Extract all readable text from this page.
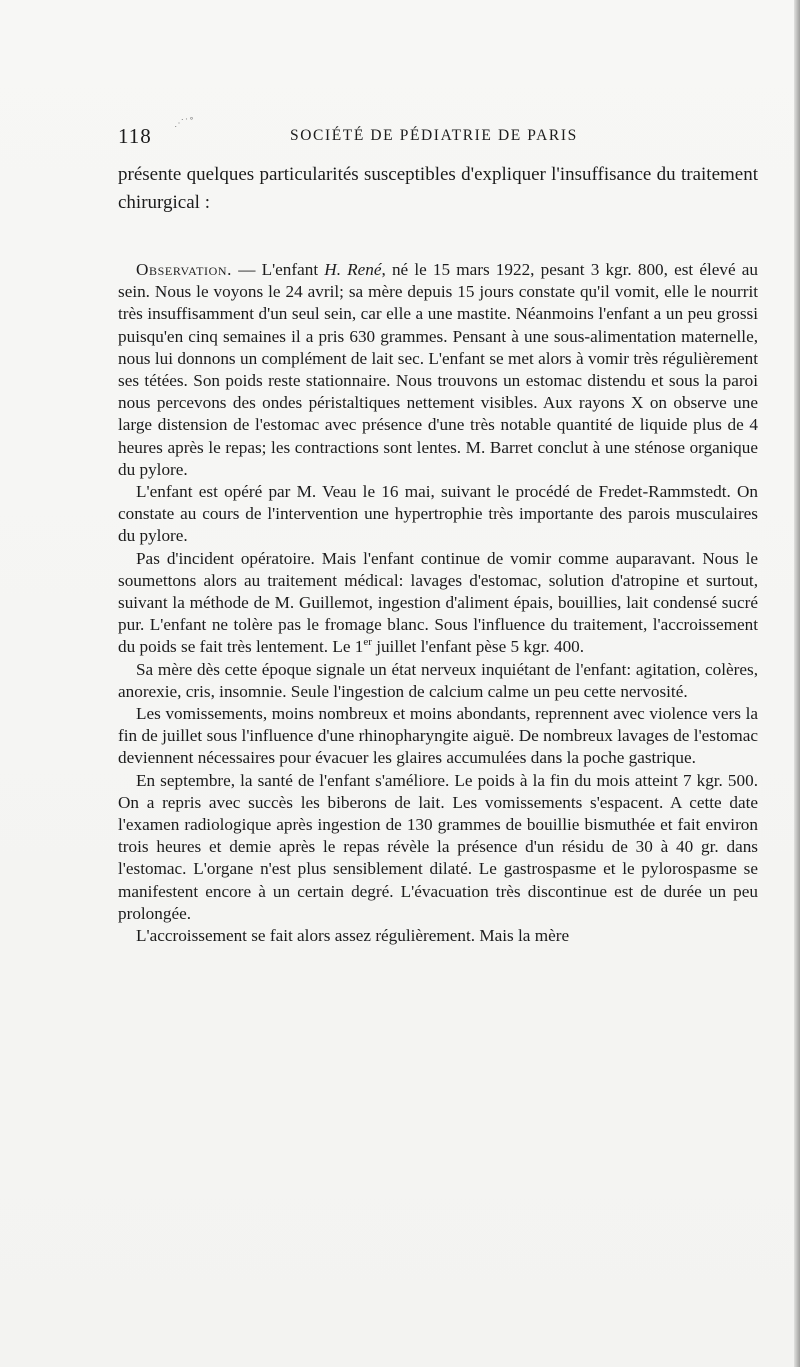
118
⋰˙˚
SOCIÉTÉ DE PÉDIATRIE DE PARIS

présente quelques particularités susceptibles d'expliquer l'insuffisance du traitement chirurgical :

Observation. — L'enfant H. René, né le 15 mars 1922, pesant 3 kgr. 800, est élevé au sein. Nous le voyons le 24 avril; sa mère depuis 15 jours constate qu'il vomit, elle le nourrit très insuffisamment d'un seul sein, car elle a une mastite. Néanmoins l'enfant a un peu grossi puisqu'en cinq semaines il a pris 630 grammes. Pensant à une sous-alimentation maternelle, nous lui donnons un complément de lait sec. L'enfant se met alors à vomir très régulièrement ses tétées. Son poids reste stationnaire. Nous trouvons un estomac distendu et sous la paroi nous percevons des ondes péristaltiques nettement visibles. Aux rayons X on observe une large distension de l'estomac avec présence d'une très notable quantité de liquide plus de 4 heures après le repas; les contractions sont lentes. M. Barret conclut à une sténose organique du pylore.

L'enfant est opéré par M. Veau le 16 mai, suivant le procédé de Fredet-Rammstedt. On constate au cours de l'intervention une hypertrophie très importante des parois musculaires du pylore.

Pas d'incident opératoire. Mais l'enfant continue de vomir comme auparavant. Nous le soumettons alors au traitement médical: lavages d'estomac, solution d'atropine et surtout, suivant la méthode de M. Guillemot, ingestion d'aliment épais, bouillies, lait condensé sucré pur. L'enfant ne tolère pas le fromage blanc. Sous l'influence du traitement, l'accroissement du poids se fait très lentement. Le 1er juillet l'enfant pèse 5 kgr. 400.

Sa mère dès cette époque signale un état nerveux inquiétant de l'enfant: agitation, colères, anorexie, cris, insomnie. Seule l'ingestion de calcium calme un peu cette nervosité.

Les vomissements, moins nombreux et moins abondants, reprennent avec violence vers la fin de juillet sous l'influence d'une rhinopharyngite aiguë. De nombreux lavages de l'estomac deviennent nécessaires pour évacuer les glaires accumulées dans la poche gastrique.

En septembre, la santé de l'enfant s'améliore. Le poids à la fin du mois atteint 7 kgr. 500. On a repris avec succès les biberons de lait. Les vomissements s'espacent. A cette date l'examen radiologique après ingestion de 130 grammes de bouillie bismuthée et fait environ trois heures et demie après le repas révèle la présence d'un résidu de 30 à 40 gr. dans l'estomac. L'organe n'est plus sensiblement dilaté. Le gastrospasme et le pylorospasme se manifestent encore à un certain degré. L'évacuation très discontinue est de durée un peu prolongée.

L'accroissement se fait alors assez régulièrement. Mais la mère
